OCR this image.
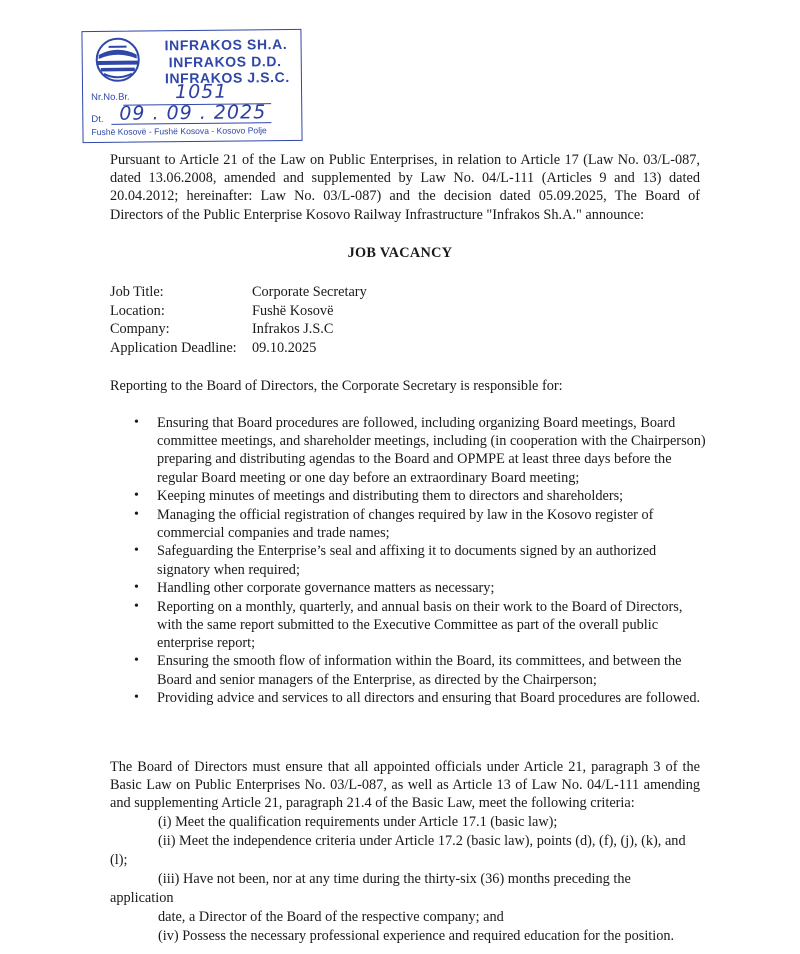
INFRAKOS SH.A.
INFRAKOS D.D.
INFRAKOS J.S.C.
Nr.No.Br. 1051
Dt. 09 . 09 . 2025
Fushë Kosovë - Fushë Kosova - Kosovo Polje
Pursuant to Article 21 of the Law on Public Enterprises, in relation to Article 17 (Law No. 03/L-087, dated 13.06.2008, amended and supplemented by Law No. 04/L-111 (Articles 9 and 13) dated 20.04.2012; hereinafter: Law No. 03/L-087) and the decision dated 05.09.2025, The Board of Directors of the Public Enterprise Kosovo Railway Infrastructure "Infrakos Sh.A." announce:
JOB VACANCY
Job Title:	Corporate Secretary
Location:	Fushë Kosovë
Company:	Infrakos J.S.C
Application Deadline: 09.10.2025
Reporting to the Board of Directors, the Corporate Secretary is responsible for:
• Ensuring that Board procedures are followed, including organizing Board meetings, Board committee meetings, and shareholder meetings, including (in cooperation with the Chairperson) preparing and distributing agendas to the Board and OPMPE at least three days before the regular Board meeting or one day before an extraordinary Board meeting;
• Keeping minutes of meetings and distributing them to directors and shareholders;
• Managing the official registration of changes required by law in the Kosovo register of commercial companies and trade names;
• Safeguarding the Enterprise’s seal and affixing it to documents signed by an authorized signatory when required;
• Handling other corporate governance matters as necessary;
• Reporting on a monthly, quarterly, and annual basis on their work to the Board of Directors, with the same report submitted to the Executive Committee as part of the overall public enterprise report;
• Ensuring the smooth flow of information within the Board, its committees, and between the Board and senior managers of the Enterprise, as directed by the Chairperson;
• Providing advice and services to all directors and ensuring that Board procedures are followed.
The Board of Directors must ensure that all appointed officials under Article 21, paragraph 3 of the Basic Law on Public Enterprises No. 03/L-087, as well as Article 13 of Law No. 04/L-111 amending and supplementing Article 21, paragraph 21.4 of the Basic Law, meet the following criteria:
(i) Meet the qualification requirements under Article 17.1 (basic law);
(ii) Meet the independence criteria under Article 17.2 (basic law), points (d), (f), (j), (k), and
(l);
(iii) Have not been, nor at any time during the thirty-six (36) months preceding the
application
date, a Director of the Board of the respective company; and
(iv) Possess the necessary professional experience and required education for the position.
